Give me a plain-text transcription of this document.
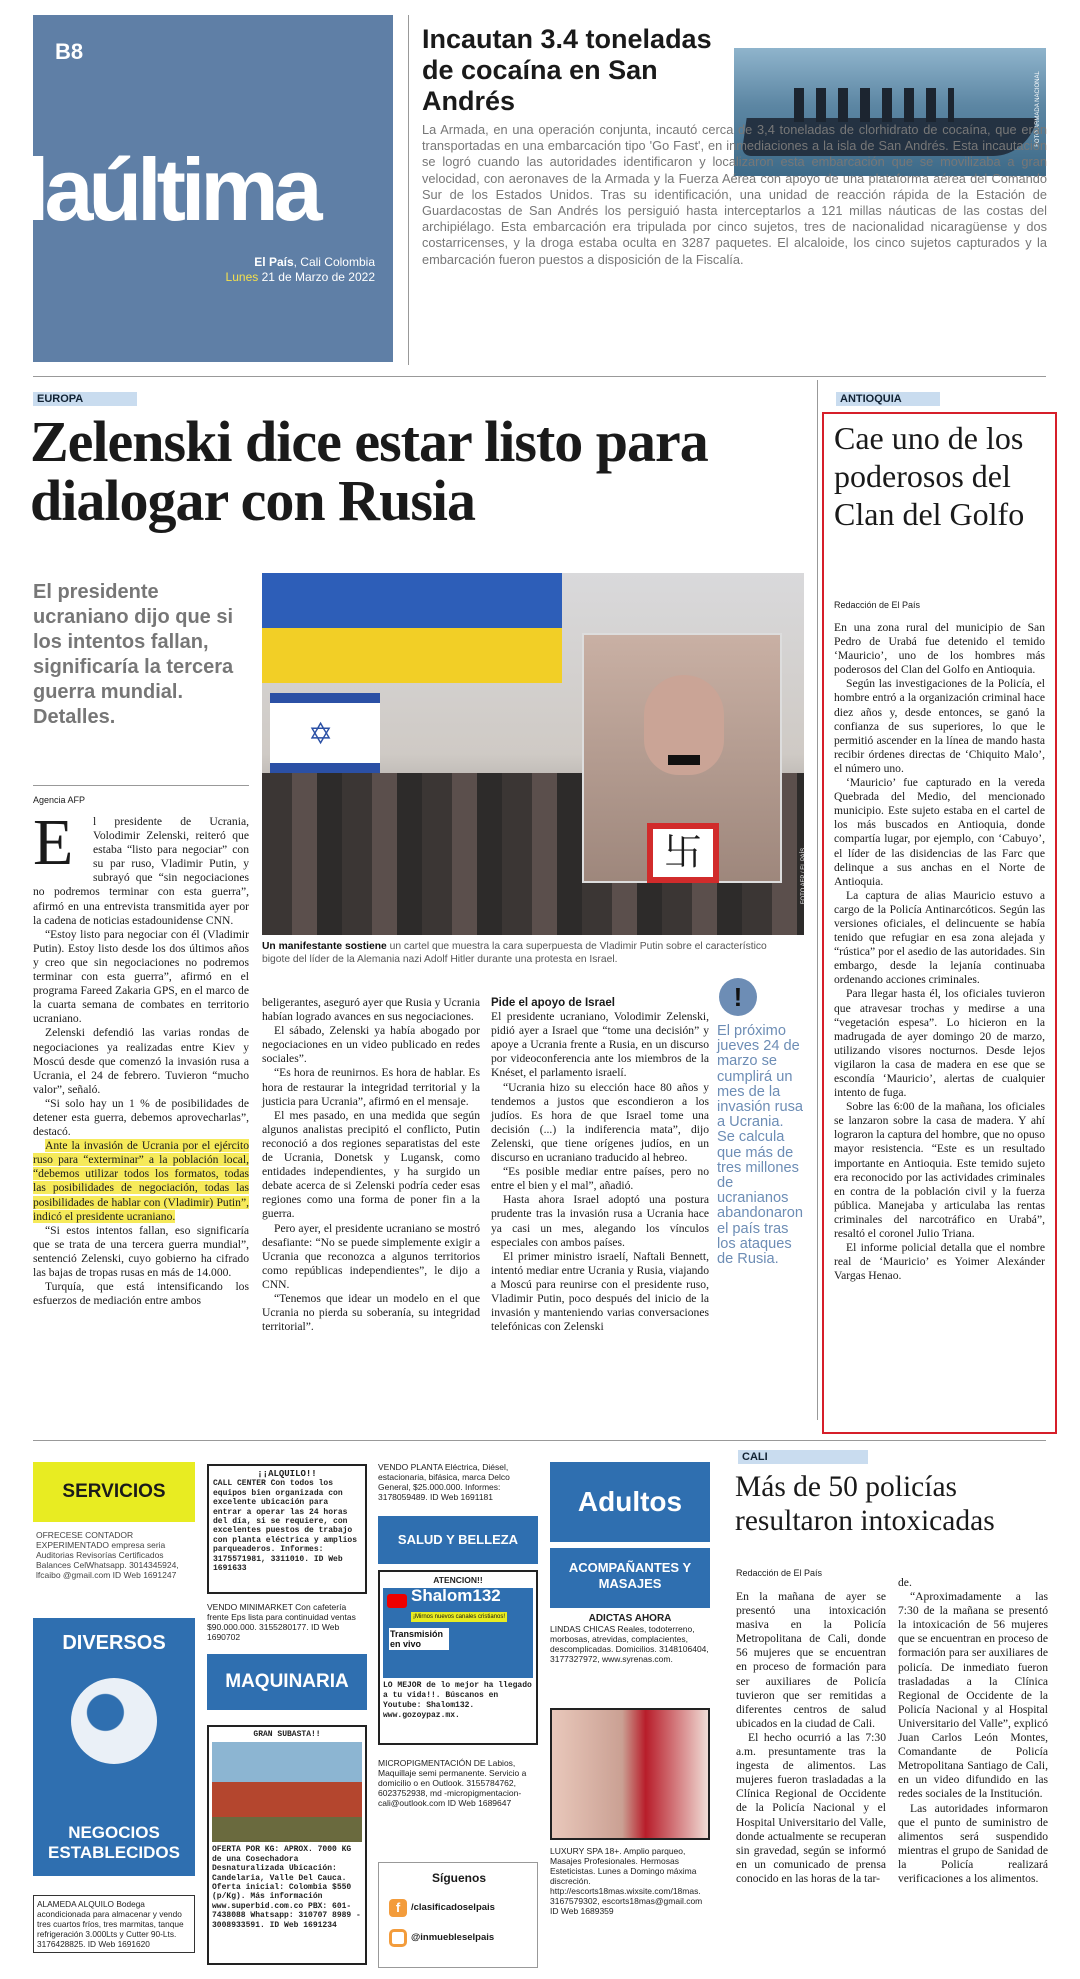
B8
laúltima
El País, Cali Colombia
Lunes 21 de Marzo de 2022
Incautan 3.4 toneladas de cocaína en San Andrés	FOTO ARMADA NACIONAL
La Armada, en una operación conjunta, incautó cerca de 3,4 toneladas de clorhidrato de cocaína, que eran transportadas en una embarcación tipo 'Go Fast', en inmediaciones a la isla de San Andrés. Esta incautación se logró cuando las autoridades identificaron y localizaron esta embarcación que se movilizaba a gran velocidad, con aeronaves de la Armada y la Fuerza Aérea con apoyo de una plataforma aérea del Comando Sur de los Estados Unidos. Tras su identificación, una unidad de reacción rápida de la Estación de Guardacostas de San Andrés los persiguió hasta interceptarlos a 121 millas náuticas de las costas del archipiélago. Esta embarcación era tripulada por cinco sujetos, tres de nacionalidad nicaragüense y dos costarricenses, y la droga estaba oculta en 3287 paquetes. El alcaloide, los cinco sujetos capturados y la embarcación fueron puestos a disposición de la Fiscalía.
EUROPA
Zelenski dice estar listo para dialogar con Rusia
El presidente ucraniano dijo que si los intentos fallan, significaría la tercera guerra mundial. Detalles.
Agencia AFP
✡
卐	FOTO AFP / EL PAÍS
Un manifestante sostiene un cartel que muestra la cara superpuesta de Vladimir Putin sobre el característico bigote del líder de la Alemania nazi Adolf Hitler durante una protesta en Israel.
E	l presidente de Ucrania, Volodimir Zelenski, reiteró que estaba “listo para negociar” con su par ruso, Vladimir Putin, y subrayó que “sin negociaciones no podremos terminar con esta guerra”, afirmó en una entrevista transmitida ayer por la cadena de noticias estadounidense CNN.

“Estoy listo para negociar con él (Vladimir Putin). Estoy listo desde los dos últimos años y creo que sin negociaciones no podremos terminar con esta guerra”, afirmó en el programa Fareed Zakaria GPS, en el marco de la cuarta semana de combates en territorio ucraniano.

Zelenski defendió las varias rondas de negociaciones ya realizadas entre Kiev y Moscú desde que comenzó la invasión rusa a Ucrania, el 24 de febrero. Tuvieron “mucho valor”, señaló.

“Si solo hay un 1 % de posibilidades de detener esta guerra, debemos aprovecharlas”, destacó.

Ante la invasión de Ucrania por el ejército ruso para “exterminar” a la población local, “debemos utilizar todos los formatos, todas las posibilidades de negociación, todas las posibilidades de hablar con (Vladimir) Putin”, indicó el presidente ucraniano.

“Si estos intentos fallan, eso significaría que se trata de una tercera guerra mundial”, sentenció Zelenski, cuyo gobierno ha cifrado las bajas de tropas rusas en más de 14.000.

Turquía, que está intensificando los esfuerzos de mediación entre ambos

beligerantes, aseguró ayer que Rusia y Ucrania habían logrado avances en sus negociaciones.

El sábado, Zelenski ya había abogado por negociaciones en un video publicado en redes sociales”.

“Es hora de reunirnos. Es hora de hablar. Es hora de restaurar la integridad territorial y la justicia para Ucrania”, afirmó en el mensaje.

El mes pasado, en una medida que según algunos analistas precipitó el conflicto, Putin reconoció a dos regiones separatistas del este de Ucrania, Donetsk y Lugansk, como entidades independientes, y ha surgido un debate acerca de si Zelenski podría ceder esas regiones como una forma de poner fin a la guerra.

Pero ayer, el presidente ucraniano se mostró desafiante: “No se puede simplemente exigir a Ucrania que reconozca a algunos territorios como repúblicas independientes”, le dijo a CNN.

“Tenemos que idear un modelo en el que Ucrania no pierda su soberanía, su integridad territorial”.

Pide el apoyo de Israel
El presidente ucraniano, Volodimir Zelenski, pidió ayer a Israel que “tome una decisión” y apoye a Ucrania frente a Rusia, en un discurso por videoconferencia ante los miembros de la Knéset, el parlamento israelí.

“Ucrania hizo su elección hace 80 años y tendemos a justos que escondieron a los judíos. Es hora de que Israel tome una decisión (...) la indiferencia mata”, dijo Zelenski, que tiene orígenes judíos, en un discurso en ucraniano traducido al hebreo.

“Es posible mediar entre países, pero no entre el bien y el mal”, añadió.

Hasta ahora Israel adoptó una postura prudente tras la invasión rusa a Ucrania hace ya casi un mes, alegando los vínculos especiales con ambos países.

El primer ministro israelí, Naftali Bennett, intentó mediar entre Ucrania y Rusia, viajando a Moscú para reunirse con el presidente ruso, Vladimir Putin, poco después del inicio de la invasión y manteniendo varias conversaciones telefónicas con Zelenski

!
El próximo jueves 24 de marzo se cumplirá un mes de la invasión rusa a Ucrania. Se calcula que más de tres millones de ucranianos abandonaron el país tras los ataques de Rusia.
ANTIOQUIA
Cae uno de los poderosos del Clan del Golfo
Redacción de El País
En una zona rural del municipio de San Pedro de Urabá fue detenido el temido ‘Mauricio’, uno de los hombres más poderosos del Clan del Golfo en Antioquia.

Según las investigaciones de la Policía, el hombre entró a la organización criminal hace diez años y, desde entonces, se ganó la confianza de sus superiores, lo que le permitió ascender en la línea de mando hasta recibir órdenes directas de ‘Chiquito Malo’, el número uno.

‘Mauricio’ fue capturado en la vereda Quebrada del Medio, del mencionado municipio. Este sujeto estaba en el cartel de los más buscados en Antioquia, donde compartía lugar, por ejemplo, con ‘Cabuyo’, el líder de las disidencias de las Farc que delinque a sus anchas en el Norte de Antioquia.

La captura de alias Mauricio estuvo a cargo de la Policía Antinarcóticos. Según las versiones oficiales, el delincuente se había tenido que refugiar en esa zona alejada y “rústica” por el asedio de las autoridades. Sin embargo, desde la lejanía continuaba ordenando acciones criminales.

Para llegar hasta él, los oficiales tuvieron que atravesar trochas y medirse a una “vegetación espesa”. Lo hicieron en la madrugada de ayer domingo 20 de marzo, utilizando visores nocturnos. Desde lejos vigilaron la casa de madera en ese que se escondía ‘Mauricio’, alertas de cualquier intento de fuga.

Sobre las 6:00 de la mañana, los oficiales se lanzaron sobre la casa de madera. Y ahí lograron la captura del hombre, que no opuso mayor resistencia. “Este es un resultado importante en Antioquia. Este temido sujeto era reconocido por las actividades criminales en contra de la población civil y la fuerza pública. Manejaba y articulaba las rentas criminales del narcotráfico en Urabá”, resaltó el coronel Julio Triana.

El informe policial detalla que el nombre real de ‘Mauricio’ es Yoimer Alexánder Vargas Henao.

SERVICIOS
OFRECESE CONTADOR EXPERIMENTADO empresa seria Auditorias Revisorías Certificados Balances CelWhatsapp. 3014345924, lfcaibo @gmail.com ID Web 1691247
DIVERSOS
NEGOCIOS ESTABLECIDOS
ALAMEDA ALQUILO Bodega acondicionada para almacenar y vendo tres cuartos fríos, tres marmitas, tanque refrigeración 3.000Lts y Cutter 90-Lts. 3176428825. ID Web 1691620
¡¡ALQUILO!!
CALL CENTER Con todos los equipos bien organizada con excelente ubicación para entrar a operar las 24 horas del día, si se requiere, con excelentes puestos de trabajo con planta eléctrica y amplios parqueaderos. Informes: 3175571981, 3311010. ID Web 1691633
VENDO MINIMARKET Con cafetería frente Eps lista para continuidad ventas $90.000.000. 3155280177. ID Web 1690702
MAQUINARIA
GRAN SUBASTA!!
OFERTA POR KG: APROX. 7000 KG de una Cosechadora Desnaturalizada Ubicación: Candelaria, Valle Del Cauca. Oferta inicial: Colombia $550 (p/Kg). Más información www.superbid.com.co PBX: 601-7438088 Whatsapp: 310707 8989 - 3008933591. ID Web 1691234
VENDO PLANTA Eléctrica, Diésel, estacionaria, bifásica, marca Delco General, $25.000.000. Informes: 3178059489. ID Web 1691181
SALUD Y BELLEZA
ATENCION!!
Shalom132
¡Mirnos nuevos canales cristianos!
Transmisión en vivo
LO MEJOR de lo mejor ha llegado a tu vida!!. Búscanos en Youtube: Shalom132. www.gozoypaz.mx.
MICROPIGMENTACIÓN DE Labios, Maquillaje semi permanente. Servicio a domicilio o en Outlook. 3155784762, 6023752938, md -micropigmentacion-cali@outlook.com ID Web 1689647
Síguenos
f	/clasificadoselpais
@inmuebleselpais
Adultos
ACOMPAÑANTES Y MASAJES
ADICTAS AHORA
LINDAS CHICAS Reales, todoterreno, morbosas, atrevidas, complacientes, descomplicadas. Domicilios. 3148106404, 3177327972, www.syrenas.com.
LUXURY SPA 18+. Amplio parqueo, Masajes Profesionales. Hermosas Esteticistas. Lunes a Domingo máxima discreción. http://escorts18mas.wixsite.com/18mas. 3167579302, escorts18mas@gmail.com ID Web 1689359
CALI
Más de 50 policías resultaron intoxicadas
Redacción de El País
En la mañana de ayer se presentó una intoxicación masiva en la Policía Metropolitana de Cali, donde 56 mujeres que se encuentran en proceso de formación para ser auxiliares de Policía tuvieron que ser remitidas a diferentes centros de salud ubicados en la ciudad de Cali.

El hecho ocurrió a las 7:30 a.m. presuntamente tras la ingesta de alimentos. Las mujeres fueron trasladadas a la Clínica Regional de Occidente de la Policía Nacional y el Hospital Universitario del Valle, donde actualmente se recuperan sin gravedad, según se informó en un comunicado de prensa conocido en las horas de la tar-

de.

“Aproximadamente a las 7:30 de la mañana se presentó la intoxicación de 56 mujeres que se encuentran en proceso de formación para ser auxiliares de policía. De inmediato fueron trasladadas a la Clínica Regional de Occidente de la Policía Nacional y al Hospital Universitario del Valle”, explicó Juan Carlos León Montes, Comandante de Policía Metropolitana Santiago de Cali, en un video difundido en las redes sociales de la Institución.

Las autoridades informaron que el punto de suministro de alimentos será suspendido mientras el grupo de Sanidad de la Policía realizará verificaciones a los alimentos.
